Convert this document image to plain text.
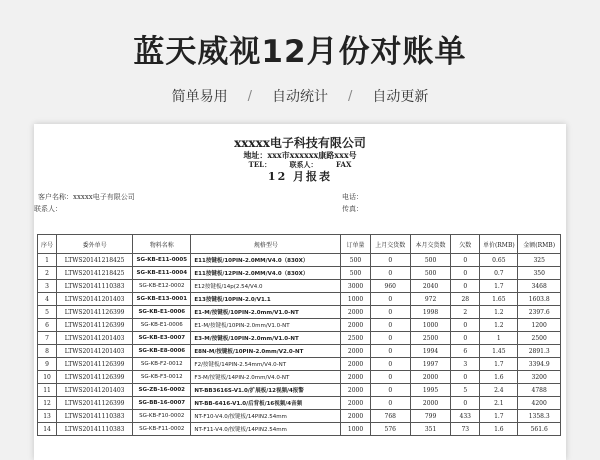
蓝天威视12月份对账单
简单易用 / 自动统计 / 自动更新
xxxxx电子科技有限公司
地址：xxx市xxxxxx康路xxx号
TEL：	联系人：	FAX
12 月报表
客户名称：xxxxx电子有限公司
联系人：
电话：
传真：
序号	委外单号	物料名称	规格型号	订单量	上月交货数	本月交货数	欠数	单价(RMB)	金额(RMB)
1	LTWS20141218425	SG-KB-E11-0005	E11按键板/10PIN-2.0MM/V4.0（830X）	500	0	500	0	0.65	325
2	LTWS20141218425	SG-KB-E11-0004	E11按键板/12PIN-2.0MM/V4.0（830X）	500	0	500	0	0.7	350
3	LTWS20141110383	SG-KB-E12-0002	E12按键板/14p(2.54/V4.0	3000	960	2040	0	1.7	3468
4	LTWS20141201403	SG-KB-E13-0001	E13按键板/10PIN-2.0/V1.1	1000	0	972	28	1.65	1603.8
5	LTWS20141126399	SG-KB-E1-0006	E1-M/按键板/10PIN-2.0mm/V1.0-NT	2000	0	1998	2	1.2	2397.6
6	LTWS20141126399	SG-KB-E1-0006	E1-M/按键板/10PIN-2.0mm/V1.0-NT	2000	0	1000	0	1.2	1200
7	LTWS20141201403	SG-KB-E3-0007	E3-M/按键板/10PIN-2.0mm/V1.0-NT	2500	0	2500	0	1	2500
8	LTWS20141201403	SG-KB-E8-0006	E8N-M/按键板/10PIN-2.0mm/V2.0-NT	2000	0	1994	6	1.45	2891.3
9	LTWS20141126399	SG-KB-F2-0012	F2/按键板/14PIN-2.54mm/V4.0-NT	2000	0	1997	3	1.7	3394.9
10	LTWS20141126399	SG-KB-F3-0012	F3-M/按键板/14PIN-2.0mm/V4.0-NT	2000	0	2000	0	1.6	3200
11	LTWS20141201403	SG-ZB-16-0002	NT-BB3616S-V1.0/扩展板/12视频/4报警	2000	0	1995	5	2.4	4788
12	LTWS20141126399	SG-BB-16-0007	NT-BB-6416-V1.0/后背板/16视频/4音频	2000	0	2000	0	2.1	4200
13	LTWS20141110383	SG-KB-F10-0002	NT-F10-V4.0/按键板/14PIN2.54mm	2000	768	799	433	1.7	1358.3
14	LTWS20141110383	SG-KB-F11-0002	NT-F11-V4.0/按键板/14PIN2.54mm	1000	576	351	73	1.6	561.6
